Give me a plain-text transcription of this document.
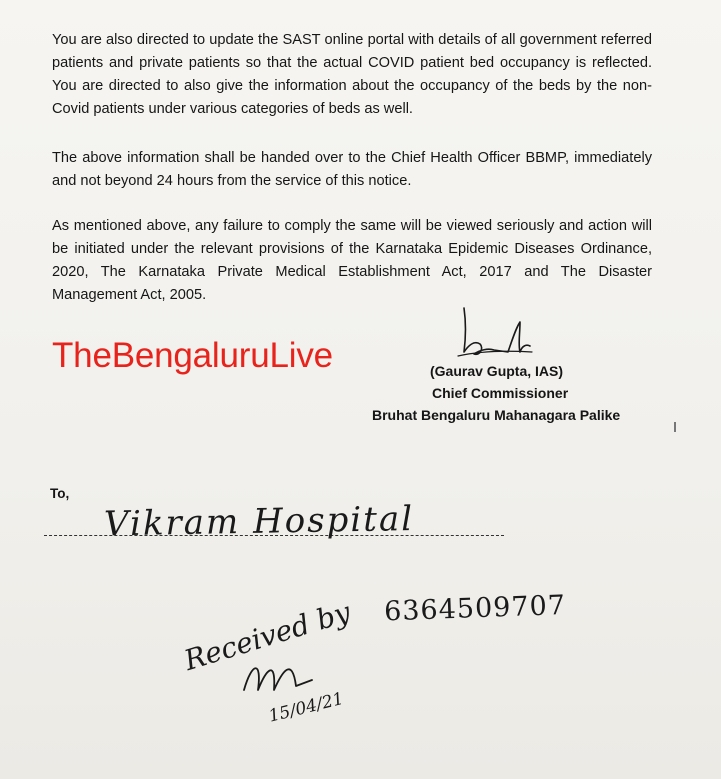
You are also directed to update the SAST online portal with details of all government referred patients and private patients so that the actual COVID patient bed occupancy is reflected. You are directed to also give the information about the occupancy of the beds by the non-Covid patients under various categories of beds as well.

The above information shall be handed over to the Chief Health Officer BBMP, immediately and not beyond 24 hours from the service of this notice.

As mentioned above, any failure to comply the same will be viewed seriously and action will be initiated under the relevant provisions of the Karnataka Epidemic Diseases Ordinance, 2020, The Karnataka Private Medical Establishment Act, 2017 and The Disaster Management Act, 2005.

TheBengaluruLive	(Gaurav Gupta, IAS)
Chief Commissioner
Bruhat Bengaluru Mahanagara Palike
To,
Vikram Hospital
Received by 6364509707
15/04/21
